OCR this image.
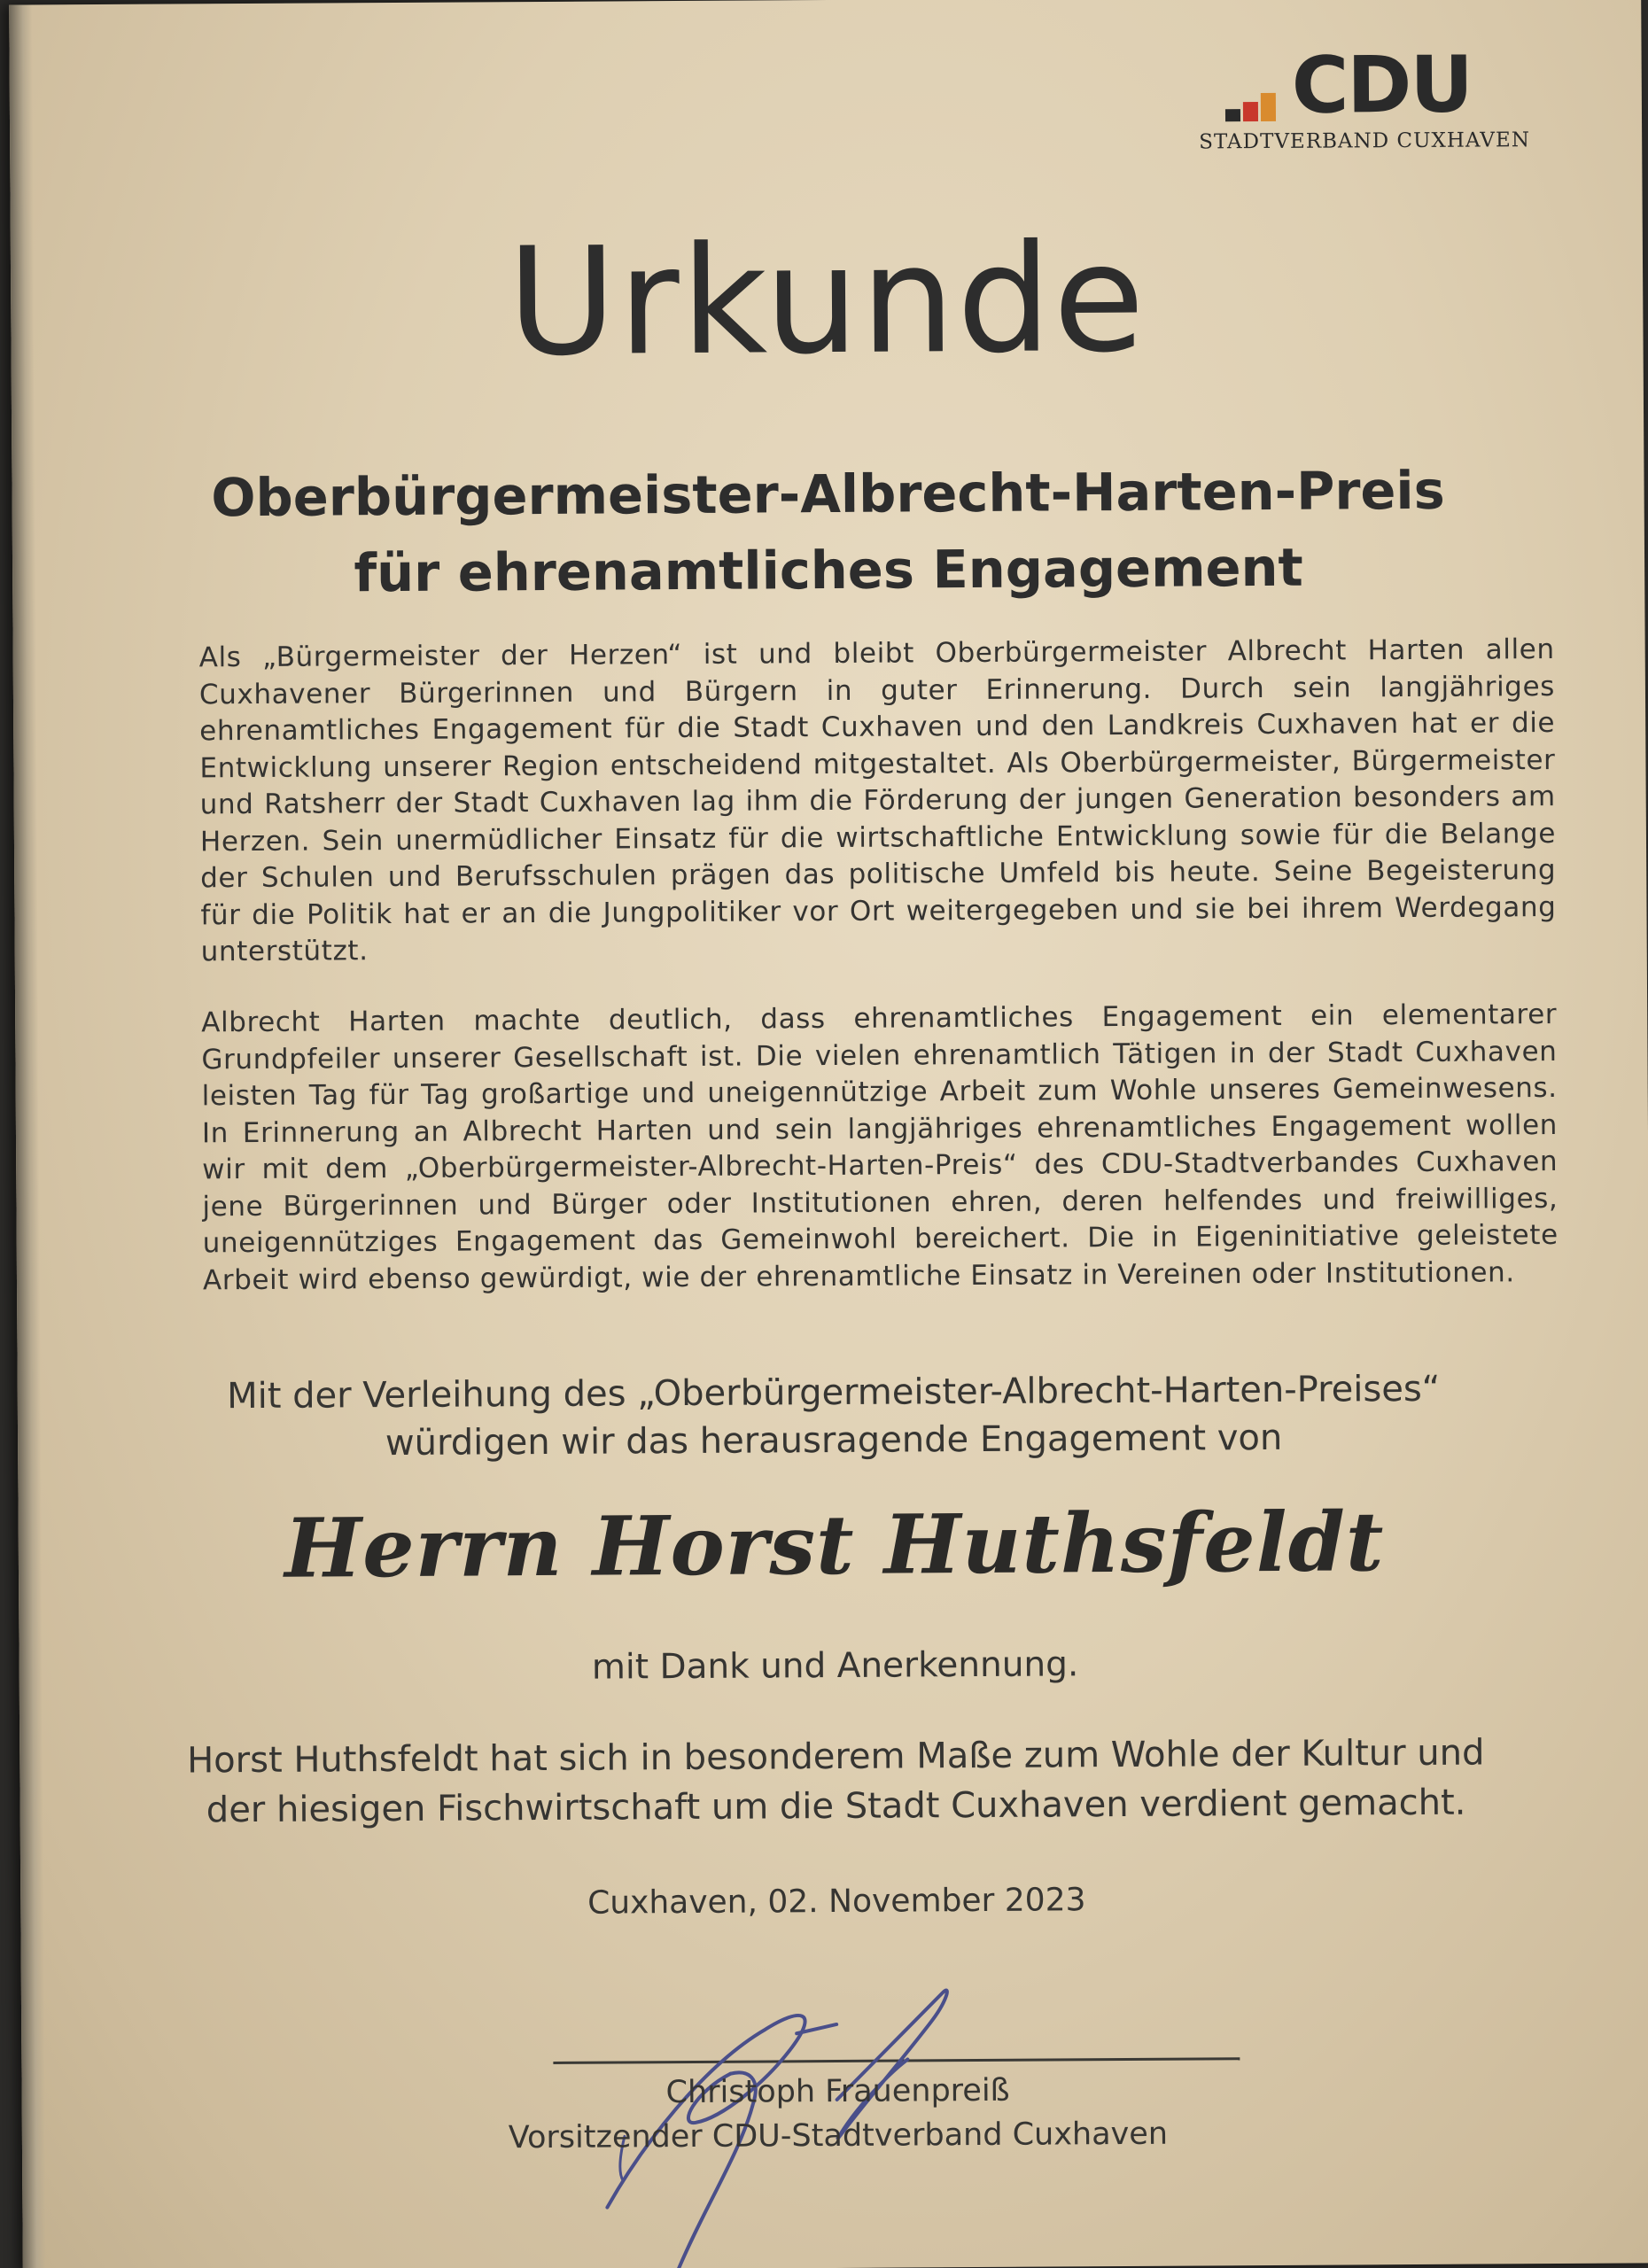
CDU
STADTVERBAND CUXHAVEN
Urkunde
Oberbürgermeister-Albrecht-Harten-Preis
für ehrenamtliches Engagement
Als „Bürgermeister der Herzen“ ist und bleibt Oberbürgermeister Albrecht Harten allen Cuxhavener Bürgerinnen und Bürgern in guter Erinnerung. Durch sein langjähriges ehrenamtliches Engagement für die Stadt Cuxhaven und den Landkreis Cuxhaven hat er die Entwicklung unserer Region entscheidend mitgestaltet. Als Oberbürgermeister, Bürgermeister und Ratsherr der Stadt Cuxhaven lag ihm die Förderung der jungen Generation besonders am Herzen. Sein unermüdlicher Einsatz für die wirtschaftliche Entwicklung sowie für die Belange der Schulen und Berufsschulen prägen das politische Umfeld bis heute. Seine Begeisterung für die Politik hat er an die Jungpolitiker vor Ort weitergegeben und sie bei ihrem Werdegang unterstützt.
Albrecht Harten machte deutlich, dass ehrenamtliches Engagement ein elementarer Grundpfeiler unserer Gesellschaft ist. Die vielen ehrenamtlich Tätigen in der Stadt Cuxhaven leisten Tag für Tag großartige und uneigennützige Arbeit zum Wohle unseres Gemeinwesens. In Erinnerung an Albrecht Harten und sein langjähriges ehrenamtliches Engagement wollen wir mit dem „Oberbürgermeister-Albrecht-Harten-Preis“ des CDU-Stadtverbandes Cuxhaven jene Bürgerinnen und Bürger oder Institutionen ehren, deren helfendes und freiwilliges, uneigennütziges Engagement das Gemeinwohl bereichert. Die in Eigeninitiative geleistete Arbeit wird ebenso gewürdigt, wie der ehrenamtliche Einsatz in Vereinen oder Institutionen.
Mit der Verleihung des „Oberbürgermeister-Albrecht-Harten-Preises“
würdigen wir das herausragende Engagement von
Herrn Horst Huthsfeldt
mit Dank und Anerkennung.
Horst Huthsfeldt hat sich in besonderem Maße zum Wohle der Kultur und
der hiesigen Fischwirtschaft um die Stadt Cuxhaven verdient gemacht.
Cuxhaven, 02. November 2023
Christoph Frauenpreiß
Vorsitzender CDU-Stadtverband Cuxhaven
